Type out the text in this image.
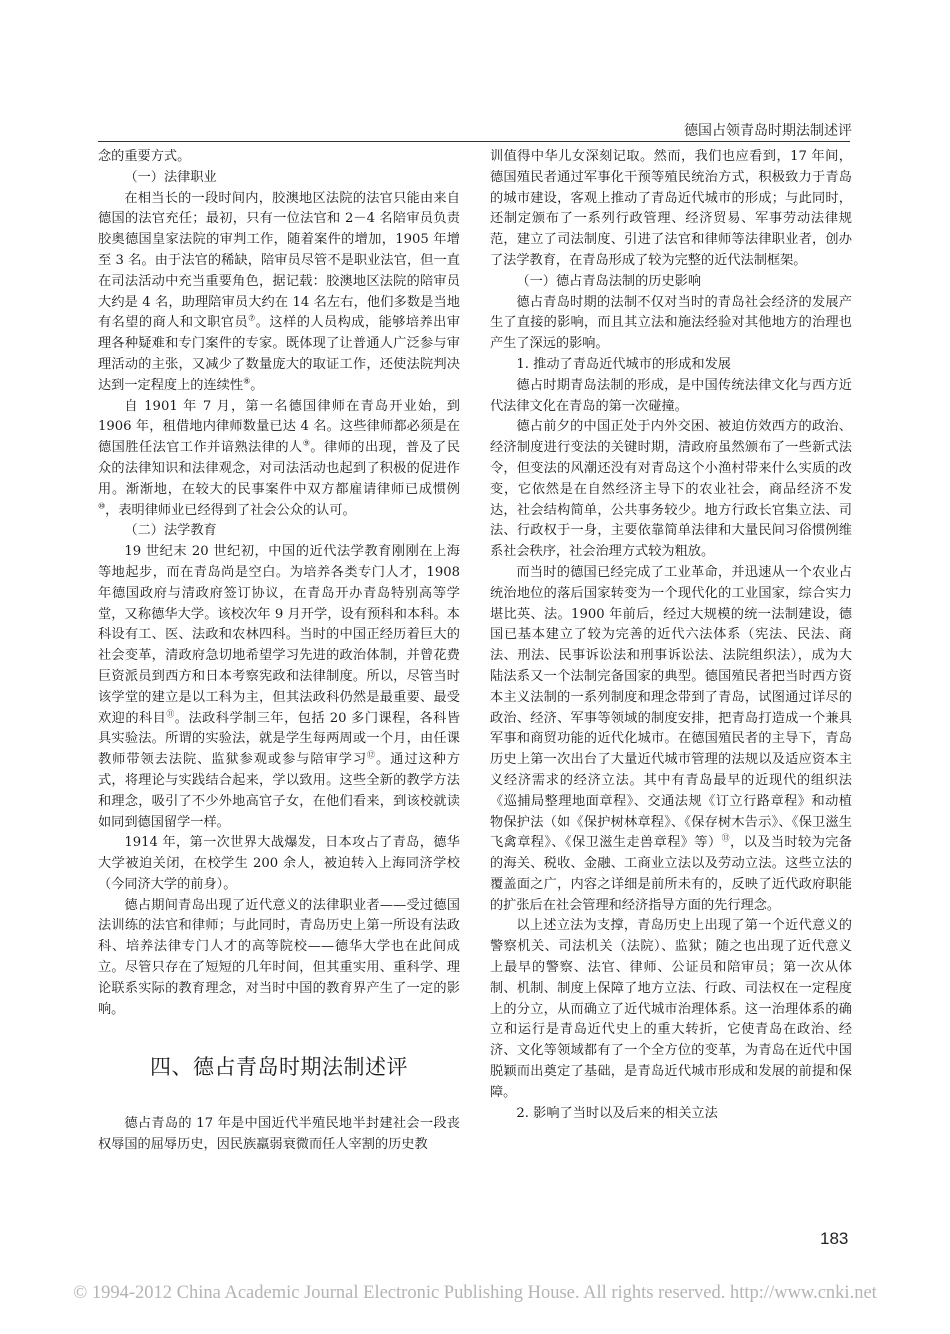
德国占领青岛时期法制述评

念的重要方式。

（一）法律职业

在相当长的一段时间内，胶澳地区法院的法官只能由来自德国的法官充任；最初，只有一位法官和 2－4 名陪审员负责胶奥德国皇家法院的审判工作，随着案件的增加，1905 年增至 3 名。由于法官的稀缺，陪审员尽管不是职业法官，但一直在司法活动中充当重要角色，据记载：胶澳地区法院的陪审员大约是 4 名，助理陪审员大约在 14 名左右，他们多数是当地有名望的商人和文职官员⑦。这样的人员构成，能够培养出审理各种疑难和专门案件的专家。既体现了让普通人广泛参与审理活动的主张，又减少了数量庞大的取证工作，还使法院判决达到一定程度上的连续性⑧。

自 1901 年 7 月，第一名德国律师在青岛开业始，到 1906 年，租借地内律师数量已达 4 名。这些律师都必须是在德国胜任法官工作并谙熟法律的人⑨。律师的出现，普及了民众的法律知识和法律观念，对司法活动也起到了积极的促进作用。渐渐地，在较大的民事案件中双方都雇请律师已成惯例⑩，表明律师业已经得到了社会公众的认可。

（二）法学教育

19 世纪末 20 世纪初，中国的近代法学教育刚刚在上海等地起步，而在青岛尚是空白。为培养各类专门人才，1908 年德国政府与清政府签订协议，在青岛开办青岛特别高等学堂，又称德华大学。该校次年 9 月开学，设有预科和本科。本科设有工、医、法政和农林四科。当时的中国正经历着巨大的社会变革，清政府急切地希望学习先进的政治体制，并曾花费巨资派员到西方和日本考察宪政和法律制度。所以，尽管当时该学堂的建立是以工科为主，但其法政科仍然是最重要、最受欢迎的科目⑪。法政科学制三年，包括 20 多门课程，各科皆具实验法。所谓的实验法，就是学生每两周或一个月，由任课教师带领去法院、监狱参观或参与陪审学习⑫。通过这种方式，将理论与实践结合起来，学以致用。这些全新的教学方法和理念，吸引了不少外地高官子女，在他们看来，到该校就读如同到德国留学一样。

1914 年，第一次世界大战爆发，日本攻占了青岛，德华大学被迫关闭，在校学生 200 余人，被迫转入上海同济学校（今同济大学的前身）。

德占期间青岛出现了近代意义的法律职业者——受过德国法训练的法官和律师；与此同时，青岛历史上第一所设有法政科、培养法律专门人才的高等院校——德华大学也在此间成立。尽管只存在了短短的几年时间，但其重实用、重科学、理论联系实际的教育理念，对当时中国的教育界产生了一定的影响。

四、德占青岛时期法制述评

德占青岛的 17 年是中国近代半殖民地半封建社会一段丧权辱国的屈辱历史，因民族羸弱衰微而任人宰割的历史教

训值得中华儿女深刻记取。然而，我们也应看到，17 年间，德国殖民者通过军事化干预等殖民统治方式，积极致力于青岛的城市建设，客观上推动了青岛近代城市的形成；与此同时，还制定颁布了一系列行政管理、经济贸易、军事劳动法律规范，建立了司法制度、引进了法官和律师等法律职业者，创办了法学教育，在青岛形成了较为完整的近代法制框架。

（一）德占青岛法制的历史影响

德占青岛时期的法制不仅对当时的青岛社会经济的发展产生了直接的影响，而且其立法和施法经验对其他地方的治理也产生了深远的影响。

1. 推动了青岛近代城市的形成和发展

德占时期青岛法制的形成，是中国传统法律文化与西方近代法律文化在青岛的第一次碰撞。

德占前夕的中国正处于内外交困、被迫仿效西方的政治、经济制度进行变法的关键时期，清政府虽然颁布了一些新式法令，但变法的风潮还没有对青岛这个小渔村带来什么实质的改变，它依然是在自然经济主导下的农业社会，商品经济不发达，社会结构简单，公共事务较少。地方行政长官集立法、司法、行政权于一身，主要依靠简单法律和大量民间习俗惯例维系社会秩序，社会治理方式较为粗放。

而当时的德国已经完成了工业革命，并迅速从一个农业占统治地位的落后国家转变为一个现代化的工业国家，综合实力堪比英、法。1900 年前后，经过大规模的统一法制建设，德国已基本建立了较为完善的近代六法体系（宪法、民法、商法、刑法、民事诉讼法和刑事诉讼法、法院组织法），成为大陆法系又一个法制完备国家的典型。德国殖民者把当时西方资本主义法制的一系列制度和理念带到了青岛，试图通过详尽的政治、经济、军事等领域的制度安排，把青岛打造成一个兼具军事和商贸功能的近代化城市。在德国殖民者的主导下，青岛历史上第一次出台了大量近代城市管理的法规以及适应资本主义经济需求的经济立法。其中有青岛最早的近现代的组织法《巡捕局整理地面章程》、交通法规《订立行路章程》和动植物保护法（如《保护树林章程》、《保存树木告示》、《保卫滋生飞禽章程》、《保卫滋生走兽章程》等）⑬，以及当时较为完备的海关、税收、金融、工商业立法以及劳动立法。这些立法的覆盖面之广，内容之详细是前所未有的，反映了近代政府职能的扩张后在社会管理和经济指导方面的先行理念。

以上述立法为支撑，青岛历史上出现了第一个近代意义的警察机关、司法机关（法院）、监狱；随之也出现了近代意义上最早的警察、法官、律师、公证员和陪审员；第一次从体制、机制、制度上保障了地方立法、行政、司法权在一定程度上的分立，从而确立了近代城市治理体系。这一治理体系的确立和运行是青岛近代史上的重大转折，它使青岛在政治、经济、文化等领域都有了一个全方位的变革，为青岛在近代中国脱颖而出奠定了基础，是青岛近代城市形成和发展的前提和保障。

2. 影响了当时以及后来的相关立法

183
© 1994-2012 China Academic Journal Electronic Publishing House. All rights reserved. http://www.cnki.net
